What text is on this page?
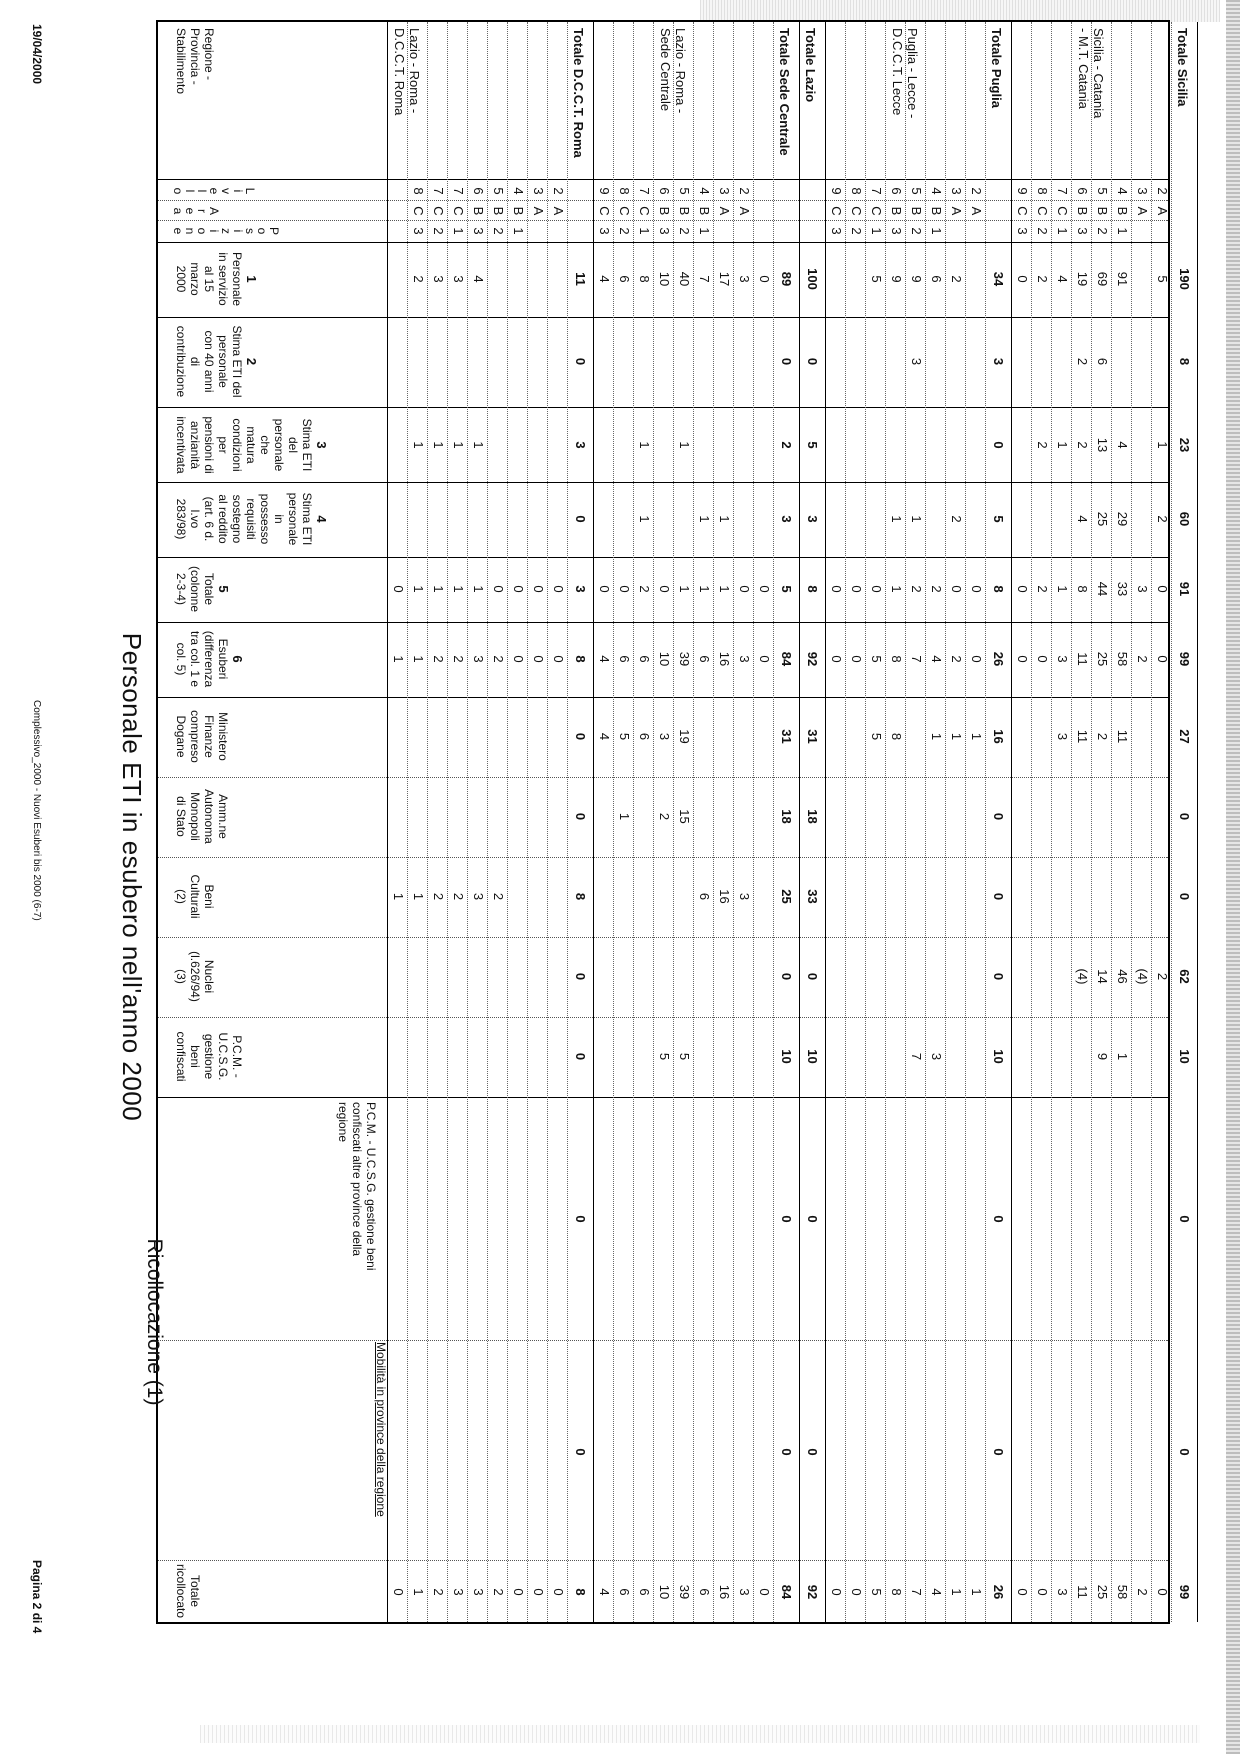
Personale ETI in esubero nell'anno 2000
Ricollocazione (1)
Regione -
Provincia -
Stabilimento
L
i
v
e
l
l
o
A
r
e
a
P
o
s
i
z
i
o
n
e
1
Personale
in servizio
al 15
marzo
2000
2
Stima ETI del
personale
con 40 anni
di
contribuzione
3
Stima ETI
del
personale
che
matura
condizioni
per
pensioni di
anzianità
incentivata
4
Stima ETI
personale
in
possesso
requisiti
sostegno
al reddito
(art. 6 d.
l.vo
283/98)
5
Totale
(colonne
2-3-4)
6
Esuberi
(differenza
tra col. 1 e
col. 5)
Ministero
Finanze
compreso
Dogane
Amm.ne
Autonoma
Monopoli
di Stato
Beni
Culturali
(2)
Nuclei
(l.626/94)
(3)
P.C.M. -
U.C.S.G.
gestione
beni
confiscati
P.C.M. - U.C.S.G. gestione beni
confiscati altre province della
regione
Mobilità in province della regione
Totale
ricollocato
Lazio - Roma -
D.C.C.T. Roma
0
1
1
0
8
C
3
2
1
1
1
1
1
7
C
2
3
1
1
2
2
2
7
C
1
3
1
1
2
2
3
6
B
3
4
1
1
3
3
3
5
B
2
0
2
2
2
4
B
1
0
0
0
3
A
0
0
0
2
A
0
0
0
Totale D.C.C.T. Roma
11
0
3
0
3
8
0
0
8
0
0
0
0
8
9
C
3
4
0
4
4
4
8
C
2
6
0
6
5
1
6
7
C
1
8
1
1
2
6
6
6
Lazio - Roma -
Sede Centrale
6
B
3
10
0
10
3
2
5
10
5
B
2
40
1
1
39
19
15
5
39
4
B
1
7
1
1
6
6
6
3
A
17
1
1
16
16
16
2
A
3
0
3
3
3
0
0
0
0
Totale Sede Centrale
89
0
2
3
5
84
31
18
25
0
10
0
0
84
Totale Lazio
100
0
5
3
8
92
31
18
33
0
10
0
0
92
9
C
3
0
0
0
8
C
2
0
0
0
7
C
1
5
0
5
5
5
Puglia - Lecce -
D.C.C.T. Lecce
6
B
3
9
1
1
8
8
8
5
B
2
9
3
1
2
7
7
7
4
B
1
6
2
4
1
3
4
3
A
2
2
0
2
1
1
2
A
0
0
1
1
Totale Puglia
34
3
0
5
8
26
16
0
0
0
10
0
0
26
9
C
3
0
0
0
0
8
C
2
2
2
2
0
0
7
C
1
4
1
1
3
3
3
Sicilia - Catania
- M.T. Catania
6
B
3
19
2
2
4
8
11
11
(4)
11
5
B
2
69
6
13
25
44
25
2
14
9
25
4
B
1
91
4
29
33
58
11
46
1
58
3
A
3
2
(4)
2
2
A
5
1
2
0
0
2
0
Totale Sicilia
190
8
23
60
91
99
27
0
0
62
10
0
0
99
19/04/2000
Complessivo_2000 - Nuovi Esuberi bis 2000 (6-7)
Pagina 2 di 4
